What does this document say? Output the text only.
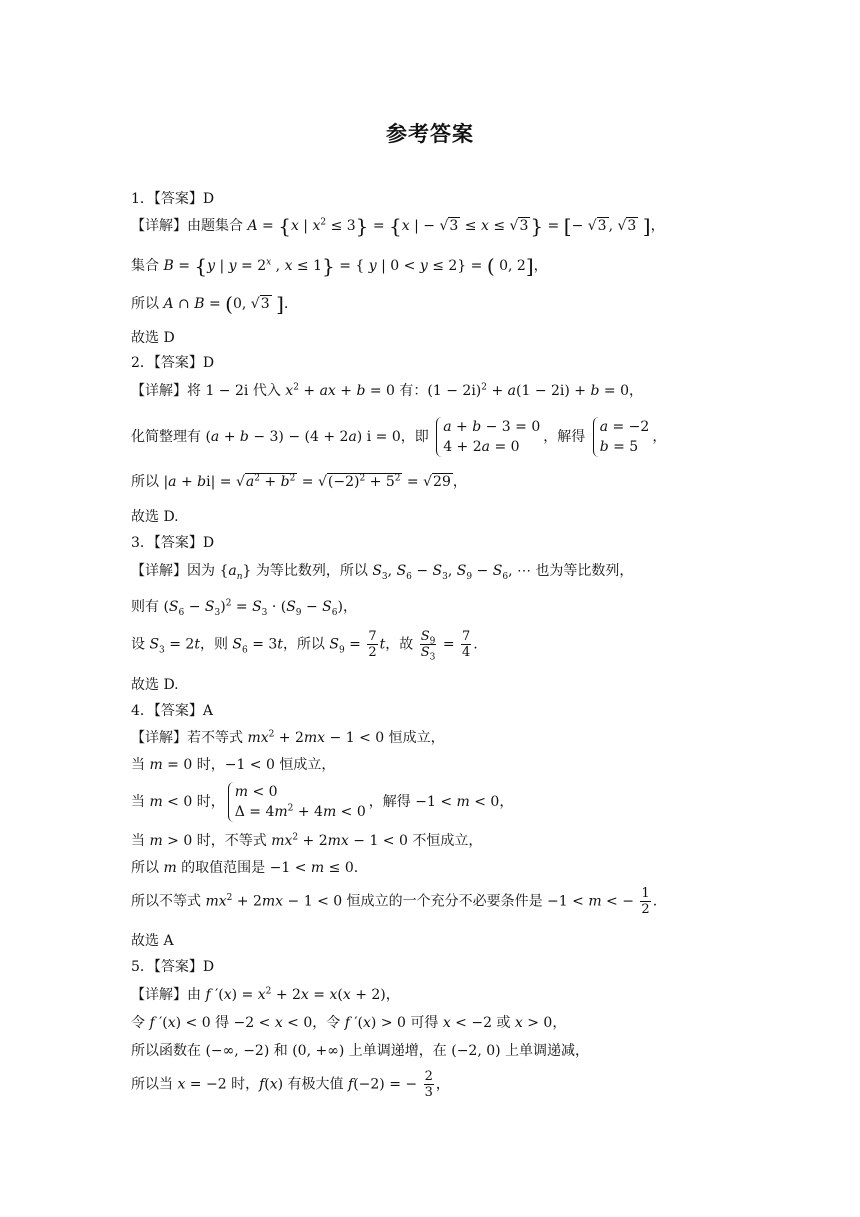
参考答案
1．【答案】D
【详解】由题集合 A = {x | $x^2 \le 3\} = \{x$ | − √3 ≤ x ≤ √3 } = [− √3 , √3 ]，
集合 B = {y | $y = 2^x$ , x ≤ 1} = { y | 0 < y ≤ 2} = ( 0, 2]，
所以 A ∩ B = (0, √3 ].
故选 D
2．【答案】D
【详解】将 1 − 2i 代入 $x^2$ + ax + b = 0 有：$(1 - 2i)^2 + a(1 - 2i) + b = 0$，
化简整理有 (a + b − 3) − (4 + 2a) i = 0，即
a + b − 3 = 0
4 + 2a = 0
，解得
a = −2
b = 5
，
所以 $|a + bi| = √a^2 + b^2 = √(-2)^2 + 5^2 = √29$ ，
故选 D.
3．【答案】D
【详解】因为 $\{a_n\}$ 为等比数列，所以 $S_3$, $S_6 - S_3$, $S_9 - S_6$, ⋯ 也为等比数列，
则有 $(S_6 - S_3)^2 = S_3 \cdot (S_9 - S_6)$，
设 $S_3 = 2t$，则 $S_6 = 3t$，所以 $S_9 = \frac{7}{2}$ t，故 $\frac{S_9}{S_3} = \frac{7}{4}$ .
故选 D.
4．【答案】A
【详解】若不等式 $mx^2 + 2mx - 1 < 0$ 恒成立，
当 m = 0 时，−1 < 0 恒成立，
当 m < 0 时，
m < 0
$\Delta = 4m^2 + 4m < 0$
，解得 −1 < m < 0，
当 m > 0 时，不等式 $mx^2 + 2mx - 1 < 0$ 不恒成立，
所以 m 的取值范围是 −1 < m ≤ 0.
所以不等式 $mx^2 + 2mx - 1 < 0$ 恒成立的一个充分不必要条件是 −1 < m < − $\frac{1}{2}$ .
故选 A
5．【答案】D
【详解】由 f $'(x) = x^2 + 2x = x(x + 2)$，
令 f ′(x) < 0 得 −2 < x < 0，令 f ′(x) > 0 可得 x < −2 或 x > 0，
所以函数在 (−∞, −2) 和 (0, +∞) 上单调递增，在 (−2, 0) 上单调递减，
所以当 x = −2 时，f(x) 有极大值 f(−2) = − $\frac{2}{3}$ ，
